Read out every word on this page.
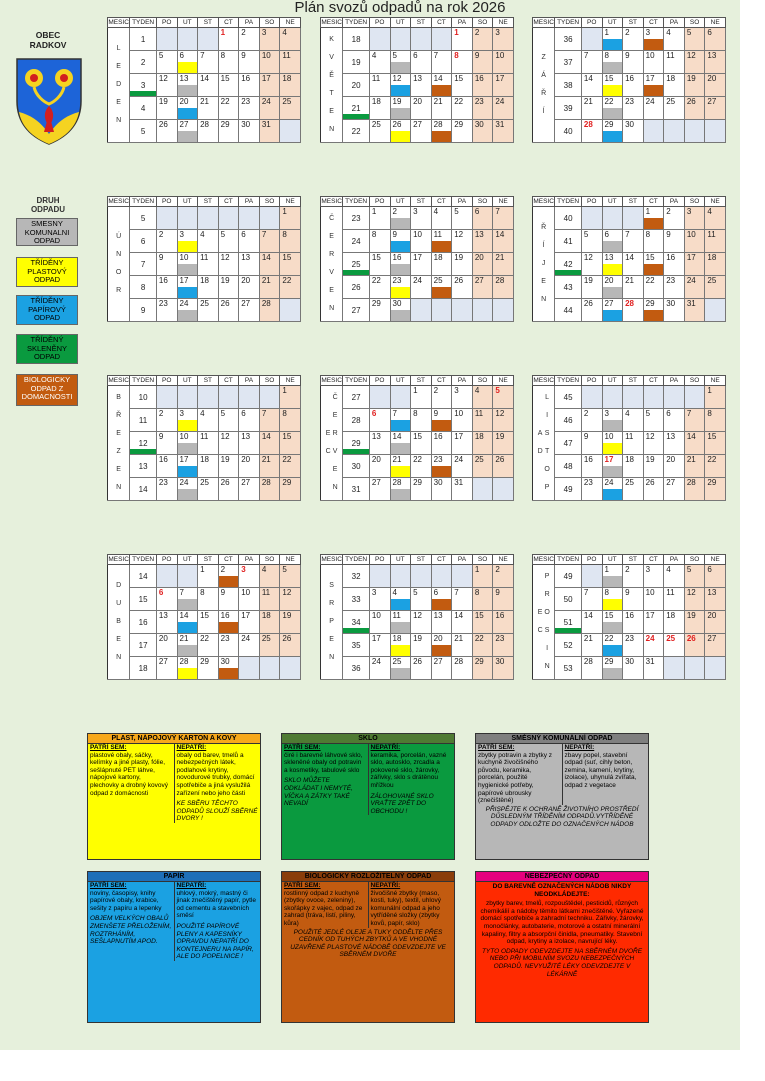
Plán svozů odpadů na rok 2026
OBEC
RADKOV
DRUH
ODPADU
SMESNY KOMUNALNI ODPAD
TŘÍDĚNY PLASTOVÝ ODPAD
TŘÍDĚNY PAPÍROVÝ ODPAD
TŘÍDĚNÝ SKLENĚNY ODPAD
BIOLOGICKY ODPAD Z DOMACNOSTI
MESIC	TYDEN	PO	UT	ST	CT	PA	SO	NE
L E D E N	1				1	2	3	4

	2	5	6	7	8	9	10	11

	3	12	13	14	15	16	17	18

	4	19	20	21	22	23	24	25

	5	26	27	28	29	30	31	

MESIC	TYDEN	PO	UT	ST	CT	PA	SO	NE
Ú N O R	5							1

	6	2	3	4	5	6	7	8

	7	9	10	11	12	13	14	15

	8	16	17	18	19	20	21	22

	9	23	24	25	26	27	28	

MESIC	TYDEN	PO	UT	ST	CT	PA	SO	NE
B Ř E Z E N	10							1

	11	2	3	4	5	6	7	8

	12	9	10	11	12	13	14	15

	13	16	17	18	19	20	21	22

	14	23	24	25	26	27	28	29
MESIC	TYDEN	PO	UT	ST	CT	PA	SO	NE
D U B E N	14			1	2	3	4	5

	15	6	7	8	9	10	11	12

	16	13	14	15	16	17	18	19

	17	20	21	22	23	24	25	26

	18	27	28	29	30			

MESIC	TYDEN	PO	UT	ST	CT	PA	SO	NE
K V Ě T E N	18					1	2	3

	19	4	5	6	7	8	9	10

	20	11	12	13	14	15	16	17

	21	18	19	20	21	22	23	24

	22	25	26	27	28	29	30	31
MESIC	TYDEN	PO	UT	ST	CT	PA	SO	NE
Č E R V E N	23	1	2	3	4	5	6	7

	24	8	9	10	11	12	13	14

	25	15	16	17	18	19	20	21

	26	22	23	24	25	26	27	28

	27	29	30					

MESIC	TYDEN	PO	UT	ST	CT	PA	SO	NE
Č E R V E N E C	27			1	2	3	4	5

	28	6	7	8	9	10	11	12

	29	13	14	15	16	17	18	19

	30	20	21	22	23	24	25	26

	31	27	28	29	30	31		

MESIC	TYDEN	PO	UT	ST	CT	PA	SO	NE
S R P E N	32						1	2

	33	3	4	5	6	7	8	9

	34	10	11	12	13	14	15	16

	35	17	18	19	20	21	22	23

	36	24	25	26	27	28	29	30
MESIC	TYDEN	PO	UT	ST	CT	PA	SO	NE
Z Á Ř Í	36		1	2	3	4	5	6

	37	7	8	9	10	11	12	13

	38	14	15	16	17	18	19	20

	39	21	22	23	24	25	26	27

	40	28	29	30				

MESIC	TYDEN	PO	UT	ST	CT	PA	SO	NE
Ř Í J E N	40				1	2	3	4

	41	5	6	7	8	9	10	11

	42	12	13	14	15	16	17	18

	43	19	20	21	22	23	24	25

	44	26	27	28	29	30	31	

MESIC	TYDEN	PO	UT	ST	CT	PA	SO	NE
L I S T O P A D	45							1

	46	2	3	4	5	6	7	8

	47	9	10	11	12	13	14	15

	48	16	17	18	19	20	21	22

	49	23	24	25	26	27	28	29
MESIC	TYDEN	PO	UT	ST	CT	PA	SO	NE
P R O S I N E C	49		1	2	3	4	5	6

	50	7	8	9	10	11	12	13

	51	14	15	16	17	18	19	20

	52	21	22	23	24	25	26	27

	53	28	29	30	31			

PLAST, NÁPOJOVÝ KARTON A KOVY
PATŘÍ SEM:
plastové obaly, sáčky, kelímky a jiné plasty, fólie, sešlápnuté PET láhve, nápojové kartony, plechovky a drobný kovový odpad z domácnosti
NEPATŘÍ:
obaly od barev, tmelů a nebezpečných látek, podlahové krytiny, novodurové trubky, domácí spotřebiče a jiná vyslužilá zařízení nebo jeho části
KE SBĚRU TĚCHTO ODPADŮ SLOUŽÍ SBĚRNÉ DVORY !
SKLO
PATŘÍ SEM:
čiré i barevné láhvové sklo, skleněné obaly od potravin a kosmetiky, tabulové sklo
SKLO MŮŽETE ODKLÁDAT I NEMYTÉ, VÍČKA A ZÁTKY TAKÉ NEVADÍ
NEPATŘÍ:
keramika, porcelán, vazné sklo, autosklo, zrcadla a pokovené sklo, žárovky, zářivky, sklo s drátěnou mřížkou
ZÁLOHOVANÉ SKLO VRAŤTE ZPĚT DO OBCHODU !
SMĚSNÝ KOMUNÁLNÍ ODPAD
PATŘÍ SEM:
zbytky potravin a zbytky z kuchyně živočišného původu, keramika, porcelán, použité hygienické potřeby, papírové ubrousky (znečištěné)
NEPATŘÍ:
zbavy popel, stavební odpad (suť, cihly beton, zemina, kamení, krytiny, izolace), uhynulá zvířata, odpad z vegetace
PŘISPĚJTE K OCHRANĚ ŽIVOTNÍHO PROSTŘEDÍ DŮSLEDNÝM TŘÍDĚNÍM ODPADŮ.VYTŘÍDĚNÉ ODPADY ODLOŽTE DO OZNAČENÝCH NÁDOB
PAPÍR
PATŘÍ SEM:
noviny, časopisy, knihy papírové obaly, krabice, sešity z papíru a lepenky
OBJEM VELKÝCH OBALŮ ZMENŠETE PŘELOŽENÍM, ROZTRHÁNÍM, SEŠLAPNUTÍM APOD.
NEPATŘÍ:
uhlový, mokrý, mastný či jinak znečištěný papír, pytle od cementu a stavebních směsí
POUŽITÉ PAPÍROVÉ PLENY A KAPESNÍKY OPRAVDU NEPATŘÍ DO KONTEJNERU NA PAPÍR, ALE DO POPELNICE !
BIOLOGICKY ROZLOŽITELNÝ ODPAD
PATŘÍ SEM:
rostlinný odpad z kuchyně (zbytky ovoce, zeleniny), skořápky z vajec, odpad ze zahrad (tráva, listí, piliny, kůra)
NEPATŘÍ:
živočišné zbytky (maso, kosti, tuky), textil, uhlový komunální odpad a jeho vytříděné složky (zbytky kovů, papír, sklo)
POUŽITÉ JEDLÉ OLEJE A TUKY ODDĚLTE PŘES CEDNÍK OD TUHÝCH ZBYTKŮ A VE VHODNÉ UZAVŘENÉ PLASTOVÉ NÁDOBĚ ODEVZDEJTE VE SBĚRNÉM DVOŘE
NEBEZPEČNÝ ODPAD
DO BAREVNĚ OZNAČENÝCH NÁDOB NIKDY NEODKLÁDEJTE:
zbytky barev, tmelů, rozpouštědel, pesticidů, různých chemikálií a nádoby těmito látkami znečištěné. Vyřazené domácí spotřebiče a zahradní techniku. Zářivky, žárovky, monočlánky, autobaterie, motorové a ostatní minerální kapaliny, filtry a absorpční činidla, pneumatiky. Stavební odpad, krytiny a izolace, navrující léky.
TYTO ODPADY ODEVZDEJTE NA SBĚRNÉM DVOŘE NEBO PŘI MOBILNÍM SVOZU NEBEZPEČNÝCH ODPADŮ. NEVYUŽITÉ LÉKY ODEVZDEJTE V LÉKÁRNĚ
